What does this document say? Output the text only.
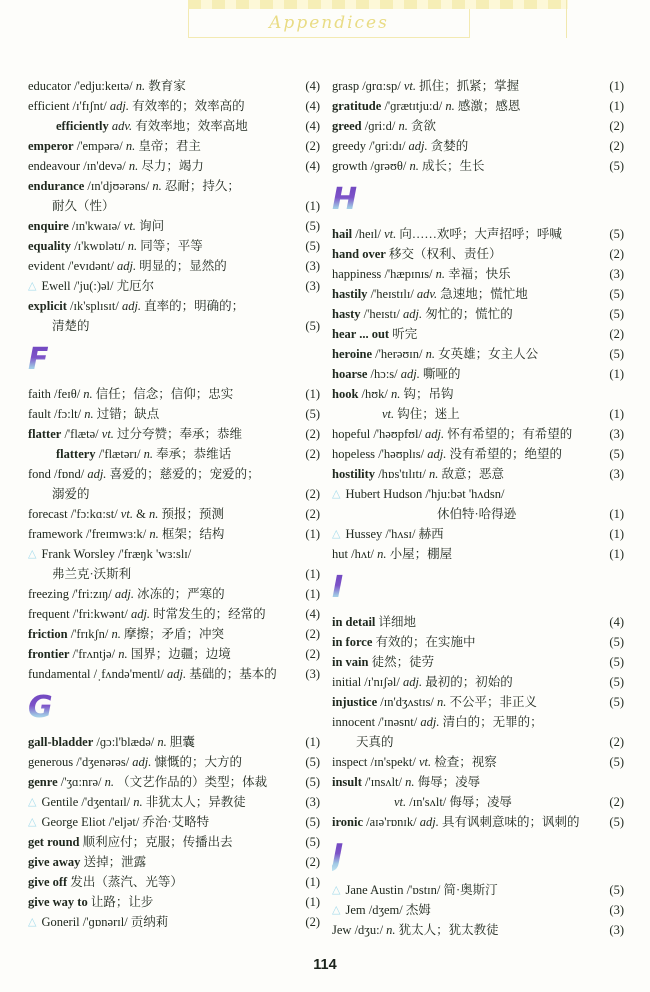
Appendices
educator /'edju:keɪtə/ n. 教育家	(4)
efficient /ɪ'fɪʃnt/ adj. 有效率的；效率高的	(4)
efficiently adv. 有效率地；效率高地	(4)
emperor /'empərə/ n. 皇帝；君主	(2)
endeavour /ɪn'devə/ n. 尽力；竭力	(4)
endurance /ɪn'djʊərəns/ n. 忍耐；持久；
耐久（性）	(1)
enquire /ɪn'kwaɪə/ vt. 询问	(5)
equality /ɪ'kwɒlətɪ/ n. 同等；平等	(5)
evident /'evɪdənt/ adj. 明显的；显然的	(3)
△ Ewell /'ju(:)əl/ 尤厄尔	(3)
explicit /ɪk'splɪsɪt/ adj. 直率的；明确的；
清楚的	(5)
F
faith /feɪθ/ n. 信任；信念；信仰；忠实	(1)
fault /fɔ:lt/ n. 过错；缺点	(5)
flatter /'flætə/ vt. 过分夸赞；奉承；恭维	(2)
flattery /'flætərɪ/ n. 奉承；恭维话	(2)
fond /fɒnd/ adj. 喜爱的；慈爱的；宠爱的；
溺爱的	(2)
forecast /'fɔ:kɑ:st/ vt. & n. 预报；预测	(2)
framework /'freɪmwɜ:k/ n. 框架；结构	(1)
△ Frank Worsley /'fræŋk 'wɜ:slɪ/
弗兰克·沃斯利	(1)
freezing /'fri:zɪŋ/ adj. 冰冻的；严寒的	(1)
frequent /'fri:kwənt/ adj. 时常发生的；经常的	(4)
friction /'frɪkʃn/ n. 摩擦；矛盾；冲突	(2)
frontier /'frʌntjə/ n. 国界；边疆；边境	(2)
fundamental /ˌfʌndə'mentl/ adj. 基础的；基本的	(3)
G
gall-bladder /ɡɔ:l'blædə/ n. 胆囊	(1)
generous /'dʒenərəs/ adj. 慷慨的；大方的	(5)
genre /'ʒɑ:nrə/ n. （文艺作品的）类型；体裁	(5)
△ Gentile /'dʒentaɪl/ n. 非犹太人；异教徒	(3)
△ George Eliot /'eljət/ 乔治·艾略特	(5)
get round 顺利应付；克服；传播出去	(5)
give away 送掉；泄露	(2)
give off 发出（蒸汽、光等）	(1)
give way to 让路；让步	(1)
△ Goneril /'ɡɒnərɪl/ 贡纳莉	(2)
grasp /ɡrɑ:sp/ vt. 抓住；抓紧；掌握	(1)
gratitude /'ɡrætɪtju:d/ n. 感激；感恩	(1)
greed /ɡri:d/ n. 贪欲	(2)
greedy /'ɡri:dɪ/ adj. 贪婪的	(2)
growth /ɡrəʊθ/ n. 成长；生长	(5)
H
hail /heɪl/ vt. 向……欢呼；大声招呼；呼喊	(5)
hand over 移交（权利、责任）	(2)
happiness /'hæpɪnɪs/ n. 幸福；快乐	(3)
hastily /'heɪstɪlɪ/ adv. 急速地；慌忙地	(5)
hasty /'heɪstɪ/ adj. 匆忙的；慌忙的	(5)
hear ... out 听完	(2)
heroine /'herəʊɪn/ n. 女英雄；女主人公	(5)
hoarse /hɔ:s/ adj. 嘶哑的	(1)
hook /hʊk/ n. 钩；吊钩
vt. 钩住；迷上	(1)
hopeful /'həʊpfʊl/ adj. 怀有希望的；有希望的	(3)
hopeless /'həʊplɪs/ adj. 没有希望的；绝望的	(5)
hostility /hɒs'tɪlɪtɪ/ n. 敌意；恶意	(3)
△ Hubert Hudson /'hju:bət 'hʌdsn/
休伯特·哈得逊	(1)
△ Hussey /'hʌsɪ/ 赫西	(1)
hut /hʌt/ n. 小屋；棚屋	(1)
I
in detail 详细地	(4)
in force 有效的；在实施中	(5)
in vain 徒然；徒劳	(5)
initial /ɪ'nɪʃəl/ adj. 最初的；初始的	(5)
injustice /ɪn'dʒʌstɪs/ n. 不公平；非正义	(5)
innocent /'ɪnəsnt/ adj. 清白的；无罪的；
天真的	(2)
inspect /ɪn'spekt/ vt. 检查；视察	(5)
insult /'ɪnsʌlt/ n. 侮辱；凌辱
vt. /ɪn'sʌlt/ 侮辱；凌辱	(2)
ironic /aɪə'rɒnɪk/ adj. 具有讽刺意味的；讽刺的	(5)
J
△ Jane Austin /'ɒstɪn/ 简·奥斯汀	(5)
△ Jem /dʒem/ 杰姆	(3)
Jew /dʒu:/ n. 犹太人；犹太教徒	(3)
114
